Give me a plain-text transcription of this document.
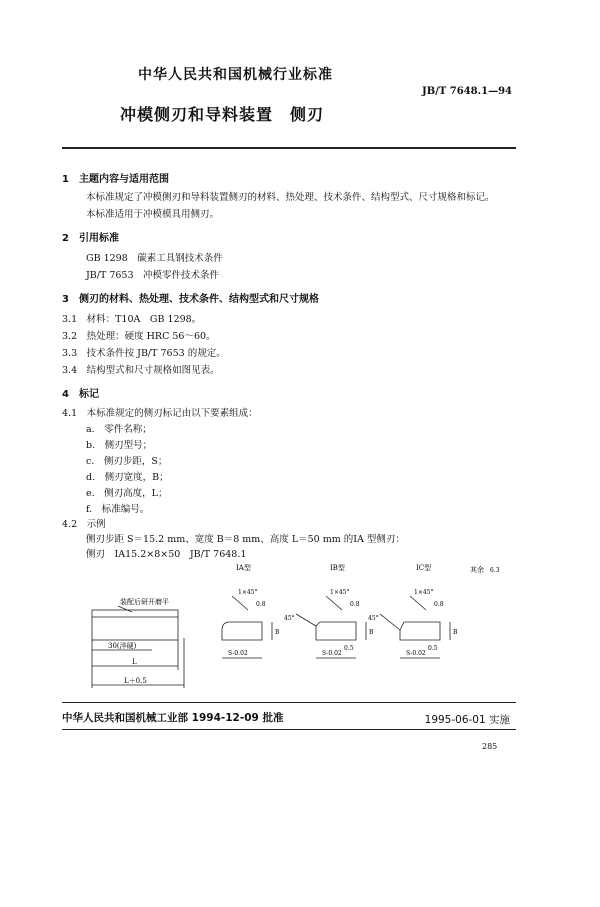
中华人民共和国机械行业标准
JB/T 7648.1—94
冲模侧刃和导料装置　侧刃
1　主题内容与适用范围
本标准规定了冲模侧刃和导料装置侧刃的材料、热处理、技术条件、结构型式、尺寸规格和标记。
本标准适用于冲模模具用侧刃。
2　引用标准
GB 1298　碳素工具钢技术条件
JB/T 7653　冲模零件技术条件
3　侧刃的材料、热处理、技术条件、结构型式和尺寸规格
3.1　 材料：T10A　GB 1298。
3.2　 热处理：硬度 HRC 56～60。
3.3　 技术条件按 JB/T 7653 的规定。
3.4　 结构型式和尺寸规格如图见表。
4　标记
4.1　本标准规定的侧刃标记由以下要素组成：
a.　 零件名称；
b.　 侧刃型号；
c.　 侧刃步距，S；
d.　 侧刃宽度，B；
e.　 侧刃高度，L；
f.　 标准编号。
4.2　示例
侧刃步距 S＝15.2 mm、宽度 B＝8 mm、高度 L＝50 mm 的ⅠA 型侧刃：
侧刃　ⅠA15.2×8×50　JB/T 7648.1
装配后研开磨平
30(淬硬)
L
L＋0.5
ⅠA型	ⅠB型	ⅠC型	其余 6.3
1×45°	1×45°	1×45°
45°	45°
S-0.02	S-0.02	S-0.02
B	B	B
0.5	0.5
0.8	0.8	0.8
中华人民共和国机械工业部 1994-12-09 批准	1995-06-01 实施
285
